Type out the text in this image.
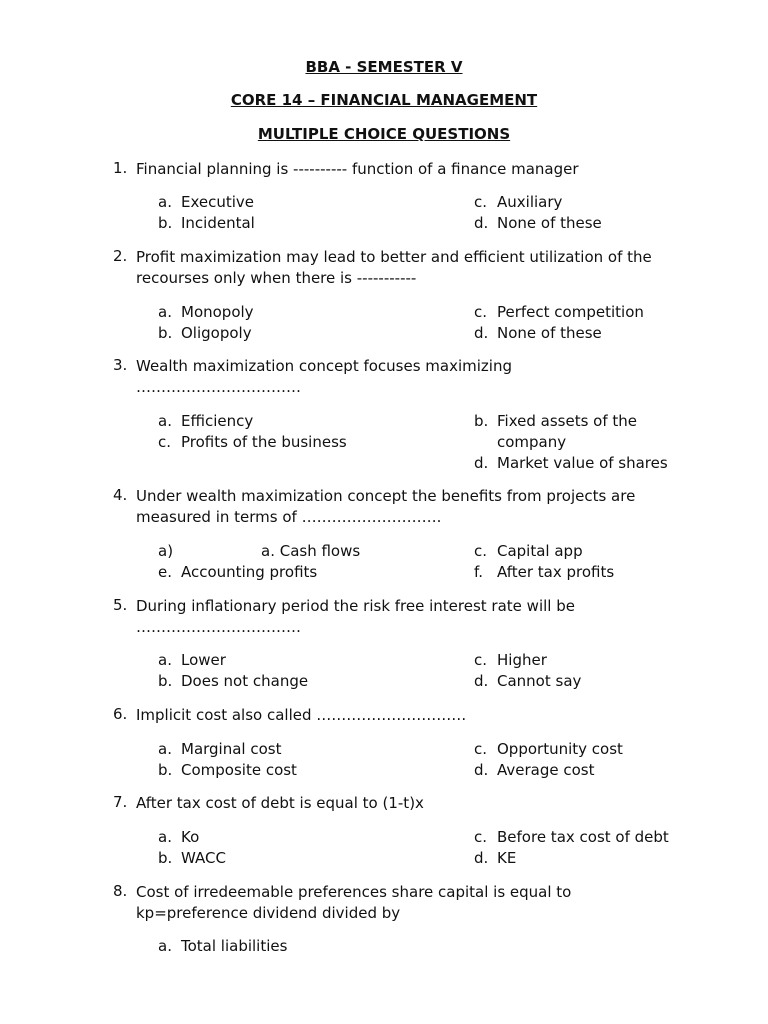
BBA - SEMESTER V
CORE 14 – FINANCIAL MANAGEMENT
MULTIPLE CHOICE QUESTIONS
1. Financial planning is ---------- function of a finance manager
a. Executive
b. Incidental
c. Auxiliary
d. None of these
2. Profit maximization may lead to better and efficient utilization of the recourses only when there is -----------
a. Monopoly
b. Oligopoly
c. Perfect competition
d. None of these
3. Wealth maximization concept focuses maximizing ……………………………
a. Efficiency
c. Profits of the business
b. Fixed assets of the company
d. Market value of shares
4. Under wealth maximization concept the benefits from projects are measured in terms of ……………………….
a)	a. Cash flows
e. Accounting profits
c. Capital app
f. After tax profits
5. During inflationary period the risk free interest rate will be ……………………………
a. Lower
b. Does not change
c. Higher
d. Cannot say
6. Implicit cost also called …………………………
a. Marginal cost
b. Composite cost
c. Opportunity cost
d. Average cost
7. After tax cost of debt is equal to (1-t)x
a. Ko
b. WACC
c. Before tax cost of debt
d. KE
8. Cost of irredeemable preferences share capital is equal to kp=preference dividend divided by
a. Total liabilities
